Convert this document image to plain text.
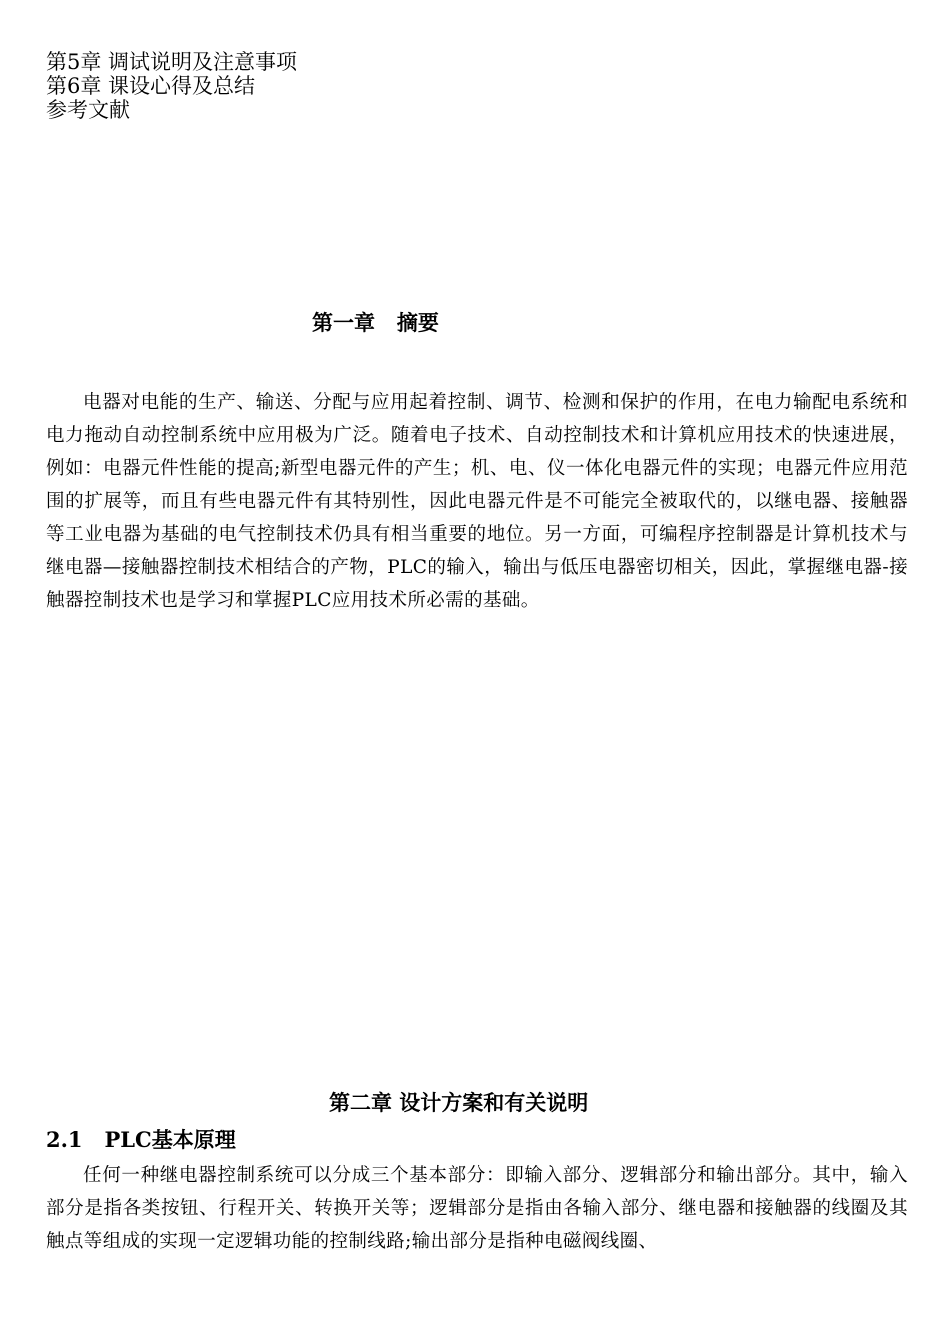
第5章 调试说明及注意事项
第6章 课设心得及总结
参考文献
第一章   摘要

电器对电能的生产、输送、分配与应用起着控制、调节、检测和保护的作用，在电力输配电系统和电力拖动自动控制系统中应用极为广泛。随着电子技术、自动控制技术和计算机应用技术的快速进展，例如：电器元件性能的提高;新型电器元件的产生；机、电、仪一体化电器元件的实现；电器元件应用范围的扩展等，而且有些电器元件有其特别性，因此电器元件是不可能完全被取代的，以继电器、接触器等工业电器为基础的电气控制技术仍具有相当重要的地位。另一方面，可编程序控制器是计算机技术与继电器—接触器控制技术相结合的产物，PLC的输入，输出与低压电器密切相关，因此，掌握继电器-接触器控制技术也是学习和掌握PLC应用技术所必需的基础。

第二章 设计方案和有关说明
2.1   PLC基本原理

任何一种继电器控制系统可以分成三个基本部分：即输入部分、逻辑部分和输出部分。其中，输入部分是指各类按钮、行程开关、转换开关等；逻辑部分是指由各输入部分、继电器和接触器的线圈及其触点等组成的实现一定逻辑功能的控制线路;输出部分是指种电磁阀线圈、
